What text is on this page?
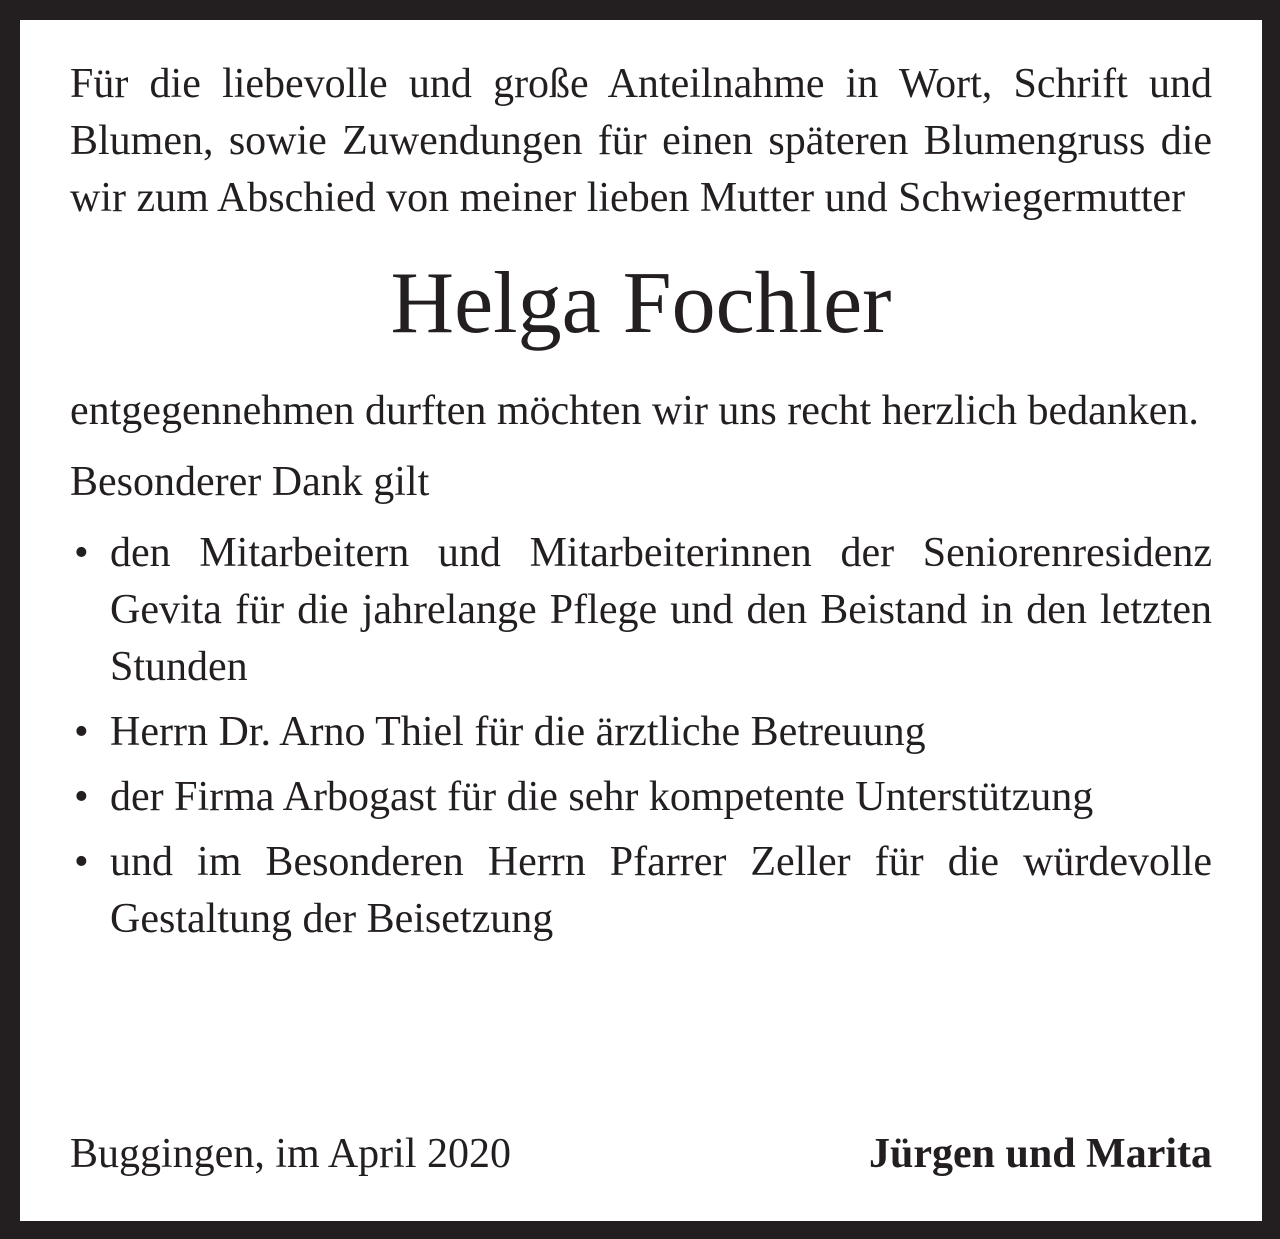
Für die liebevolle und große Anteilnahme in Wort, Schrift und Blumen, sowie Zuwendungen für einen späteren Blumengruss die wir zum Abschied von meiner lieben Mutter und Schwiegermutter

Helga Fochler

entgegennehmen durften möchten wir uns recht herzlich bedanken.

Besonderer Dank gilt

• den Mitarbeitern und Mitarbeiterinnen der Seniorenresidenz Gevita für die jahrelange Pflege und den Beistand in den letzten Stunden
• Herrn Dr. Arno Thiel für die ärztliche Betreuung
• der Firma Arbogast für die sehr kompetente Unterstützung
• und im Besonderen Herrn Pfarrer Zeller für die würdevolle Gestaltung der Beisetzung
Buggingen, im April 2020	Jürgen und Marita
